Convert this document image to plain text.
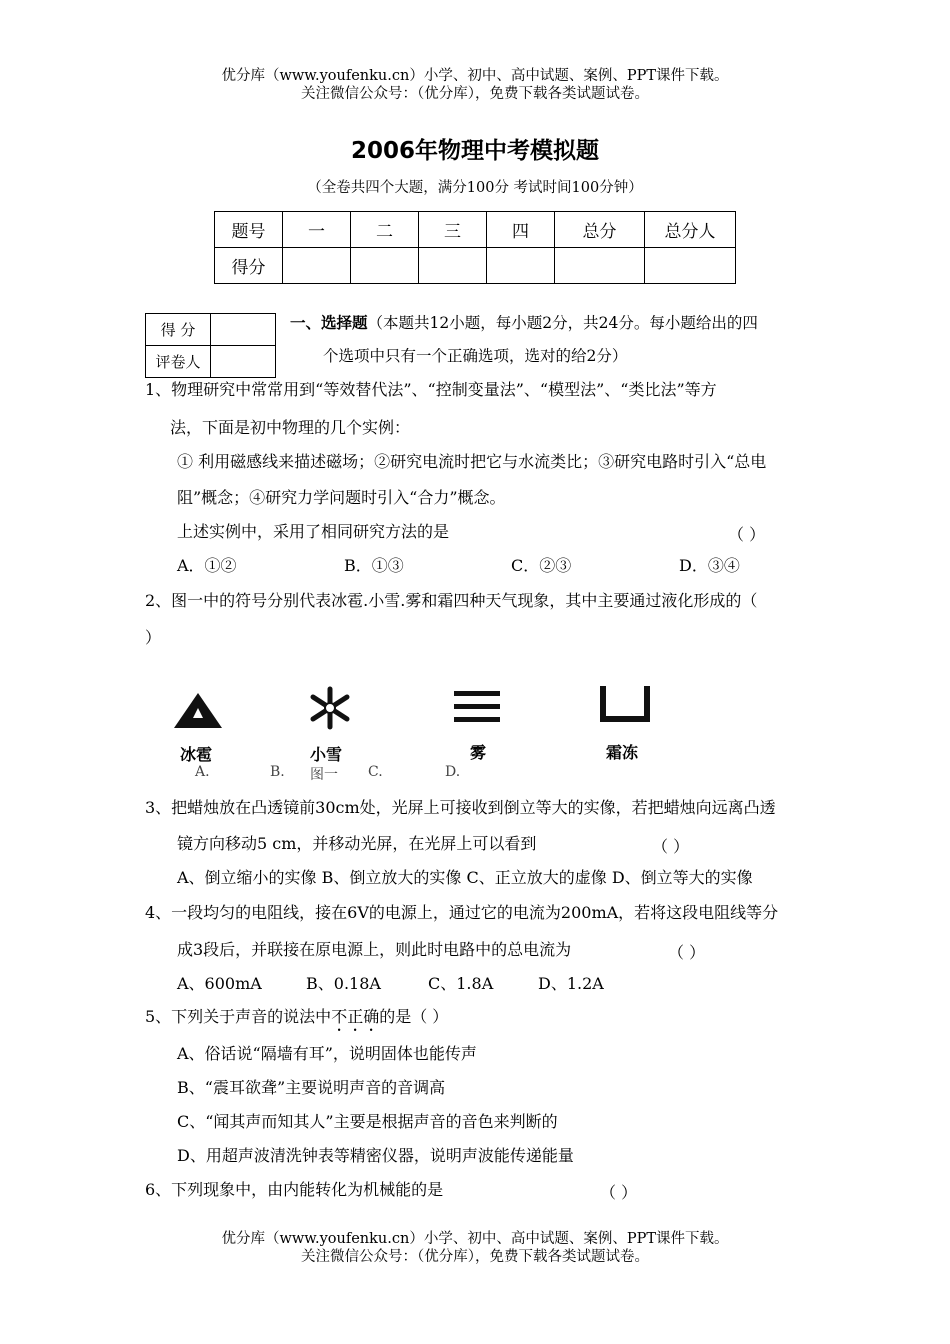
优分库（www.youfenku.cn）小学、初中、高中试题、案例、PPT课件下载。
关注微信公众号：（优分库），免费下载各类试题试卷。
2006年物理中考模拟题
（全卷共四个大题，满分100分 考试时间100分钟）
题号	一	二	三	四	总分	总分人
得分						
得 分	
评卷人	
一、选择题（本题共12小题，每小题2分，共24分。每小题给出的四
个选项中只有一个正确选项，选对的给2分）
1、物理研究中常常用到“等效替代法”、“控制变量法”、“模型法”、“类比法”等方
法，下面是初中物理的几个实例：
① 利用磁感线来描述磁场；②研究电流时把它与水流类比；③研究电路时引入“总电
阻”概念；④研究力学问题时引入“合力”概念。
上述实例中，采用了相同研究方法的是	（ ）
A．①②	B．①③	C．②③	D．③④
2、图一中的符号分别代表冰雹.小雪.雾和霜四种天气现象，其中主要通过液化形成的（
）
冰雹	小雪	雾	霜冻
A.	B. 图一 C.	D.
3、把蜡烛放在凸透镜前30cm处，光屏上可接收到倒立等大的实像，若把蜡烛向远离凸透
镜方向移动5 cm，并移动光屏，在光屏上可以看到	（ ）
A、倒立缩小的实像 B、倒立放大的实像 C、正立放大的虚像 D、倒立等大的实像
4、一段均匀的电阻线，接在6V的电源上，通过它的电流为200mA，若将这段电阻线等分
成3段后，并联接在原电源上，则此时电路中的总电流为	（ ）
A、600mA	B、0.18A	C、1.8A	D、1.2A
5、下列关于声音的说法中不正确的是（ ）
A、俗话说“隔墙有耳”，说明固体也能传声
B、“震耳欲聋”主要说明声音的音调高
C、“闻其声而知其人”主要是根据声音的音色来判断的
D、用超声波清洗钟表等精密仪器，说明声波能传递能量
6、下列现象中，由内能转化为机械能的是	（ ）
优分库（www.youfenku.cn）小学、初中、高中试题、案例、PPT课件下载。
关注微信公众号：（优分库），免费下载各类试题试卷。
